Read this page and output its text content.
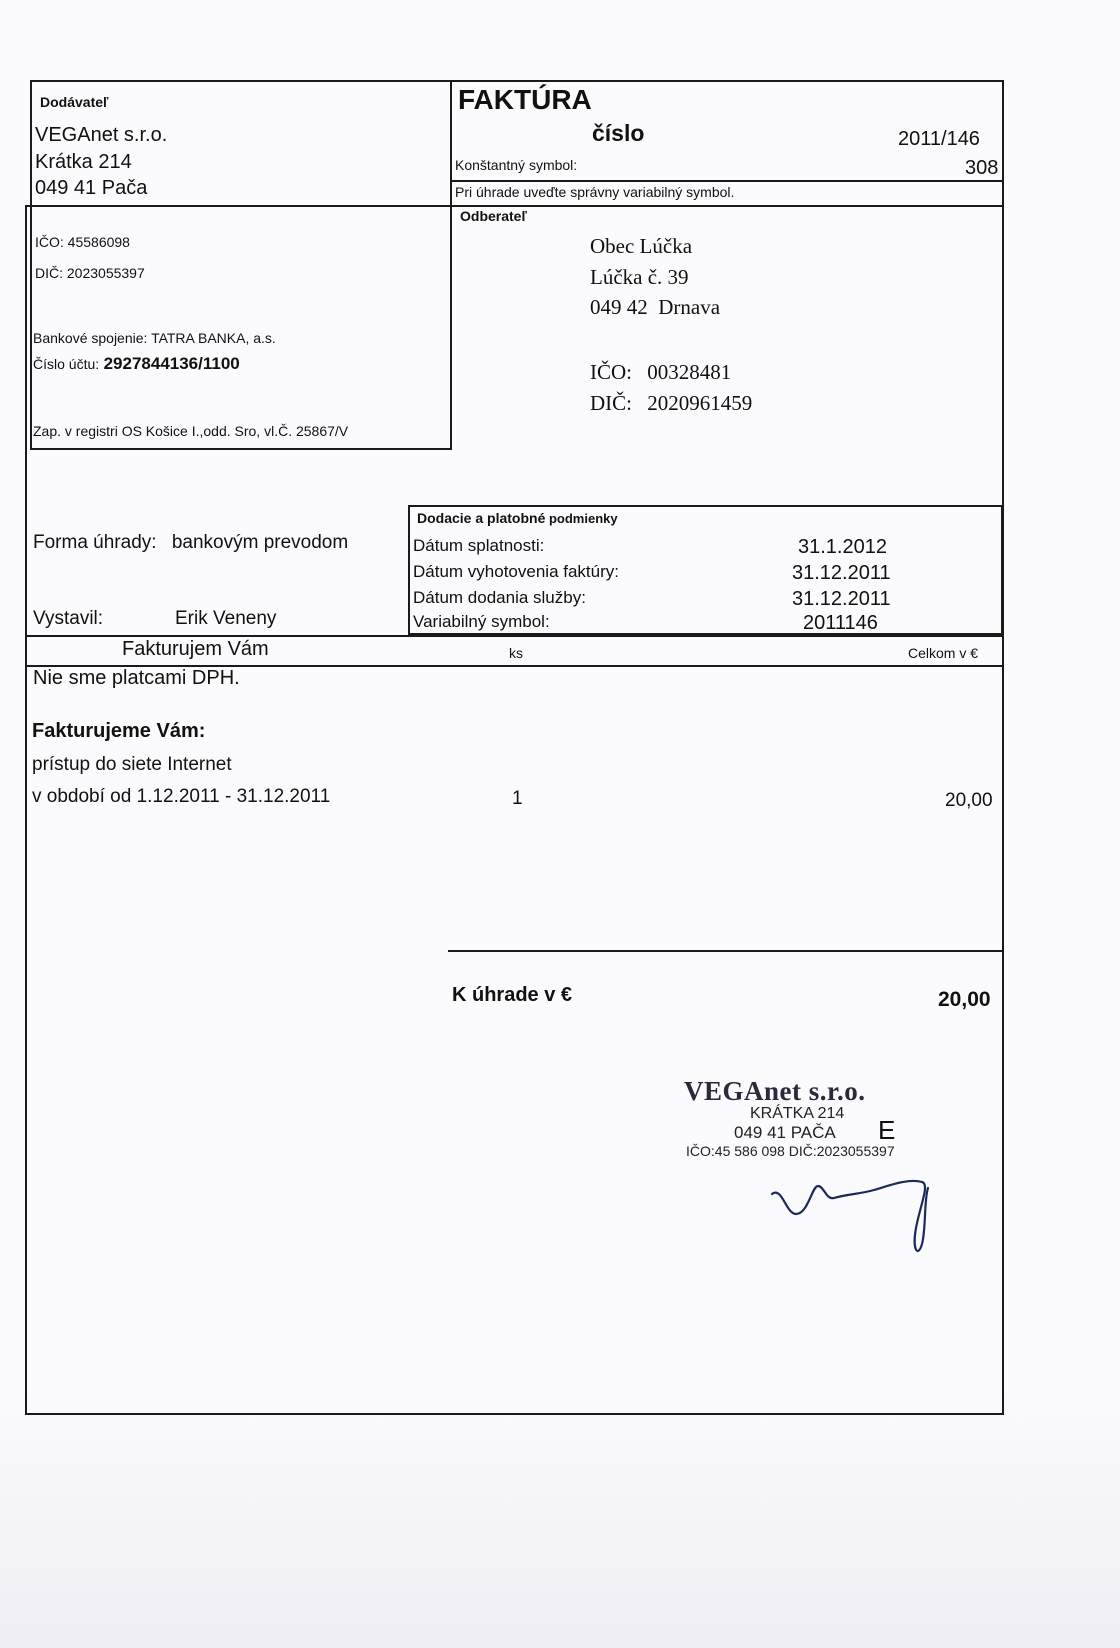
Dodávateľ
VEGAnet s.r.o.
Krátka 214
049 41 Pača
IČO: 45586098
DIČ: 2023055397
Bankové spojenie: TATRA BANKA, a.s.
Číslo účtu: 2927844136/1100
Zap. v registri OS Košice I.,odd. Sro, vl.Č. 25867/V
FAKTÚRA
číslo	2011/146
Konštantný symbol:	308
Pri úhrade uveďte správny variabilný symbol.
Odberateľ
Obec Lúčka
Lúčka č. 39
049 42  Drnava
IČO: 00328481
DIČ: 2020961459
Forma úhrady: bankovým prevodom
Vystavil:	Erik Veneny
Dodacie a platobné podmienky
Dátum splatnosti:	31.1.2012
Dátum vyhotovenia faktúry:	31.12.2011
Dátum dodania služby:	31.12.2011
Variabilný symbol:	2011146
Fakturujem Vám	ks	Celkom v €
Nie sme platcami DPH.
Fakturujeme Vám:
prístup do siete Internet
v období od 1.12.2011 - 31.12.2011	1	20,00
K úhrade v €	20,00
VEGAnet s.r.o.
KRÁTKA 214
049 41 PAČA E
IČO:45 586 098 DIČ:2023055397
